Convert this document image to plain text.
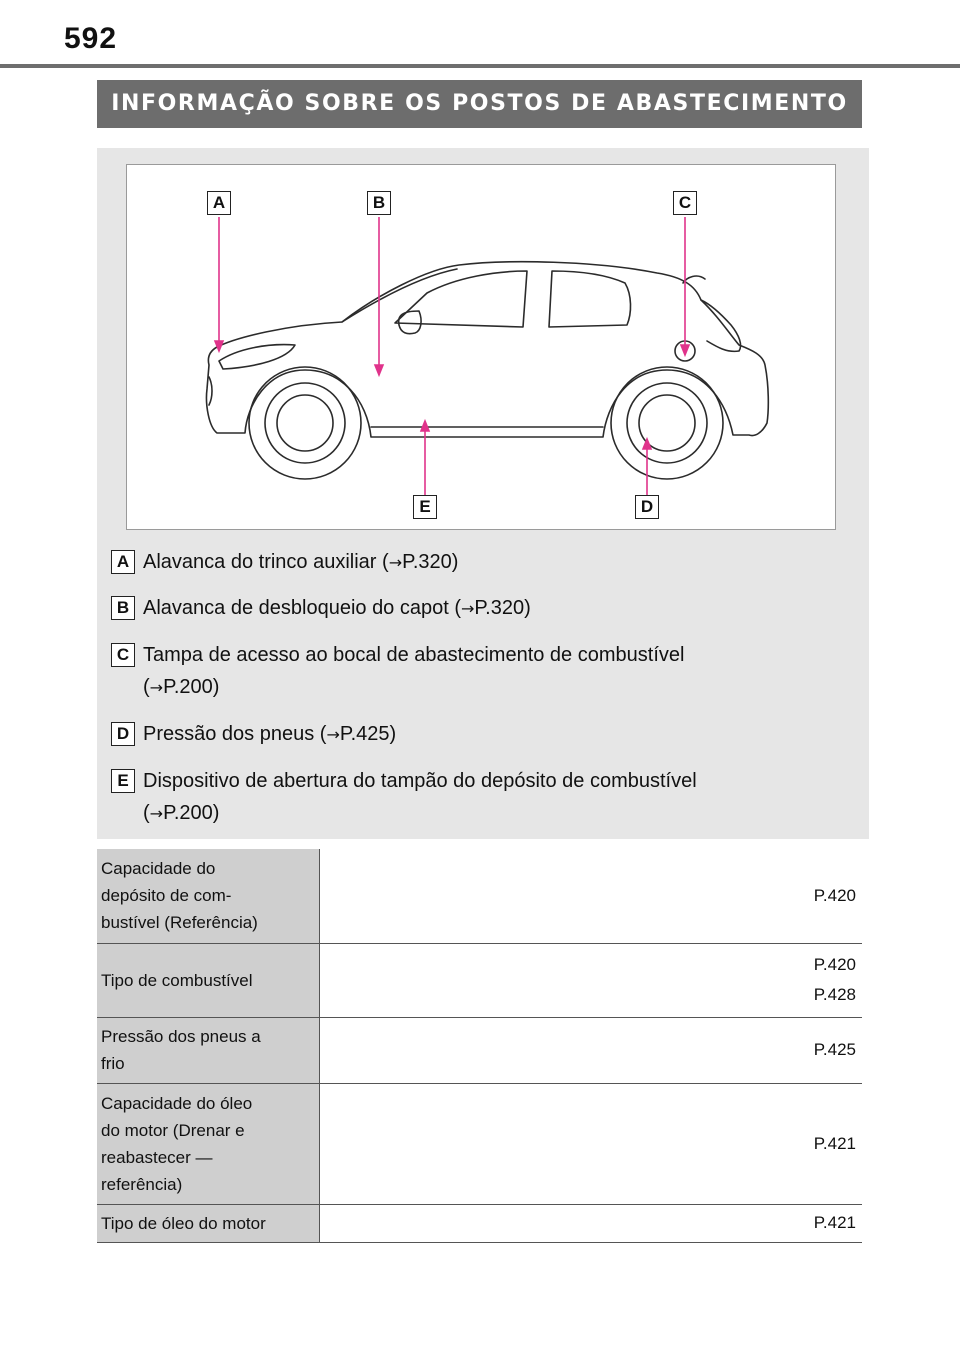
592
INFORMAÇÃO SOBRE OS POSTOS DE ABASTECIMENTO
A	B	C
D
E
A Alavanca do trinco auxiliar (→P.320)
B Alavanca de desbloqueio do capot (→P.320)
C Tampa de acesso ao bocal de abastecimento de combustível
(→P.200)
D Pressão dos pneus (→P.425)
E Dispositivo de abertura do tampão do depósito de combustível
(→P.200)
Capacidade do
depósito de com-
bustível (Referência)	P.420

Tipo de combustível	P.420
P.428

Pressão dos pneus a
frio	P.425

Capacidade do óleo
do motor (Drenar e
reabastecer —
referência)	P.421

Tipo de óleo do motor	P.421
